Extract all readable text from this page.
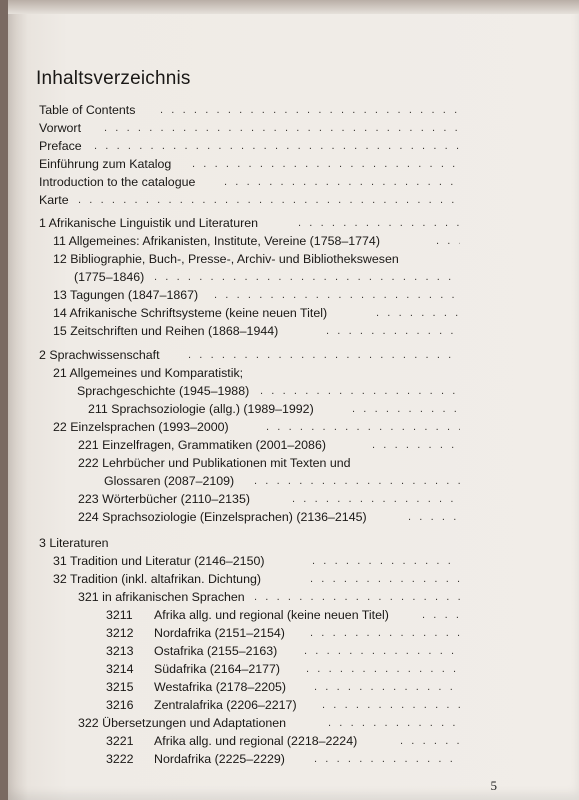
Inhaltsverzeichnis
Table of Contents
. . .
Vorwort
. . .
Preface
. . .
Einführung zum Katalog
. . .
Introduction to the catalogue
. . .
Karte
. . .
1 Afrikanische Linguistik und Literaturen
. . .
11 Allgemeines: Afrikanisten, Institute, Vereine (1758–1774)
. . .
12 Bibliographie, Buch-, Presse-, Archiv- und Bibliothekswesen
(1775–1846)
. . .
13 Tagungen (1847–1867)
. . .
14 Afrikanische Schriftsysteme (keine neuen Titel)
. . .
15 Zeitschriften und Reihen (1868–1944)
. . .
2 Sprachwissenschaft
. . .
21 Allgemeines und Komparatistik;
Sprachgeschichte (1945–1988)
. . .
211 Sprachsoziologie (allg.) (1989–1992)
. . .
22 Einzelsprachen (1993–2000)
. . .
221 Einzelfragen, Grammatiken (2001–2086)
. . .
222 Lehrbücher und Publikationen mit Texten und
Glossaren (2087–2109)
. . .
223 Wörterbücher (2110–2135)
. . .
224 Sprachsoziologie (Einzelsprachen) (2136–2145)
. . .
3 Literaturen
31 Tradition und Literatur (2146–2150)
. . .
32 Tradition (inkl. altafrikan. Dichtung)
. . .
321 in afrikanischen Sprachen
. . .
3211 Afrika allg. und regional (keine neuen Titel)
. . .
3212 Nordafrika (2151–2154)
. . .
3213 Ostafrika (2155–2163)
. . .
3214 Südafrika (2164–2177)
. . .
3215 Westafrika (2178–2205)
. . .
3216 Zentralafrika (2206–2217)
. . .
322 Übersetzungen und Adaptationen
. . .
3221 Afrika allg. und regional (2218–2224)
. . .
3222 Nordafrika (2225–2229)
. . .
5
